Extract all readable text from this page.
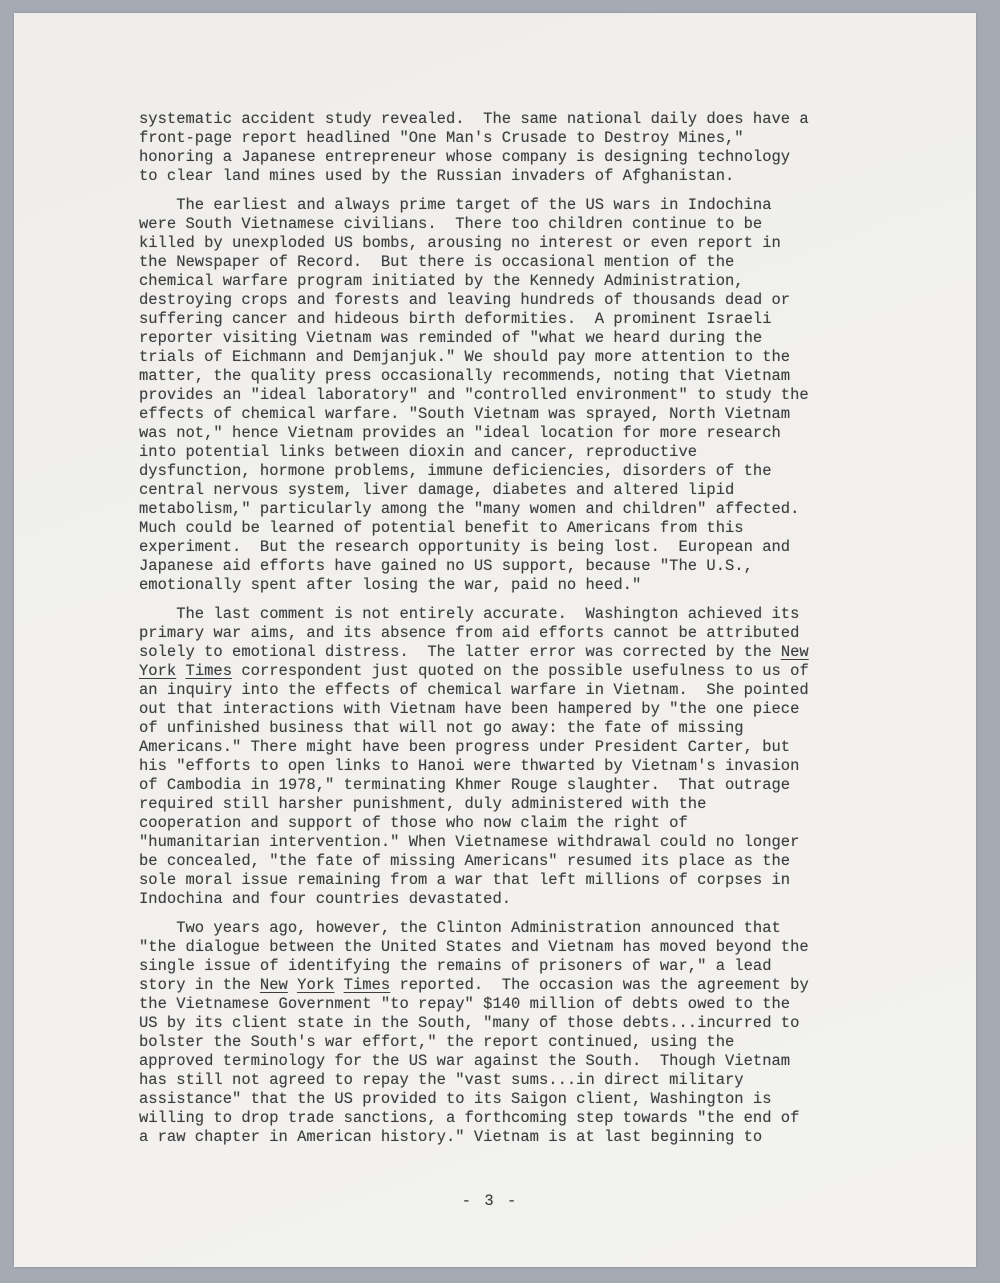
systematic accident study revealed.  The same national daily does have a
front-page report headlined "One Man's Crusade to Destroy Mines,"
honoring a Japanese entrepreneur whose company is designing technology
to clear land mines used by the Russian invaders of Afghanistan.
The earliest and always prime target of the US wars in Indochina
were South Vietnamese civilians.  There too children continue to be
killed by unexploded US bombs, arousing no interest or even report in
the Newspaper of Record.  But there is occasional mention of the
chemical warfare program initiated by the Kennedy Administration,
destroying crops and forests and leaving hundreds of thousands dead or
suffering cancer and hideous birth deformities.  A prominent Israeli
reporter visiting Vietnam was reminded of "what we heard during the
trials of Eichmann and Demjanjuk." We should pay more attention to the
matter, the quality press occasionally recommends, noting that Vietnam
provides an "ideal laboratory" and "controlled environment" to study the
effects of chemical warfare. "South Vietnam was sprayed, North Vietnam
was not," hence Vietnam provides an "ideal location for more research
into potential links between dioxin and cancer, reproductive
dysfunction, hormone problems, immune deficiencies, disorders of the
central nervous system, liver damage, diabetes and altered lipid
metabolism," particularly among the "many women and children" affected.
Much could be learned of potential benefit to Americans from this
experiment.  But the research opportunity is being lost.  European and
Japanese aid efforts have gained no US support, because "The U.S.,
emotionally spent after losing the war, paid no heed."
The last comment is not entirely accurate.  Washington achieved its
primary war aims, and its absence from aid efforts cannot be attributed
solely to emotional distress.  The latter error was corrected by the New
York Times correspondent just quoted on the possible usefulness to us of
an inquiry into the effects of chemical warfare in Vietnam.  She pointed
out that interactions with Vietnam have been hampered by "the one piece
of unfinished business that will not go away: the fate of missing
Americans." There might have been progress under President Carter, but
his "efforts to open links to Hanoi were thwarted by Vietnam's invasion
of Cambodia in 1978," terminating Khmer Rouge slaughter.  That outrage
required still harsher punishment, duly administered with the
cooperation and support of those who now claim the right of
"humanitarian intervention." When Vietnamese withdrawal could no longer
be concealed, "the fate of missing Americans" resumed its place as the
sole moral issue remaining from a war that left millions of corpses in
Indochina and four countries devastated.
Two years ago, however, the Clinton Administration announced that
"the dialogue between the United States and Vietnam has moved beyond the
single issue of identifying the remains of prisoners of war," a lead
story in the New York Times reported.  The occasion was the agreement by
the Vietnamese Government "to repay" $140 million of debts owed to the
US by its client state in the South, "many of those debts...incurred to
bolster the South's war effort," the report continued, using the
approved terminology for the US war against the South.  Though Vietnam
has still not agreed to repay the "vast sums...in direct military
assistance" that the US provided to its Saigon client, Washington is
willing to drop trade sanctions, a forthcoming step towards "the end of
a raw chapter in American history." Vietnam is at last beginning to
- 3 -
